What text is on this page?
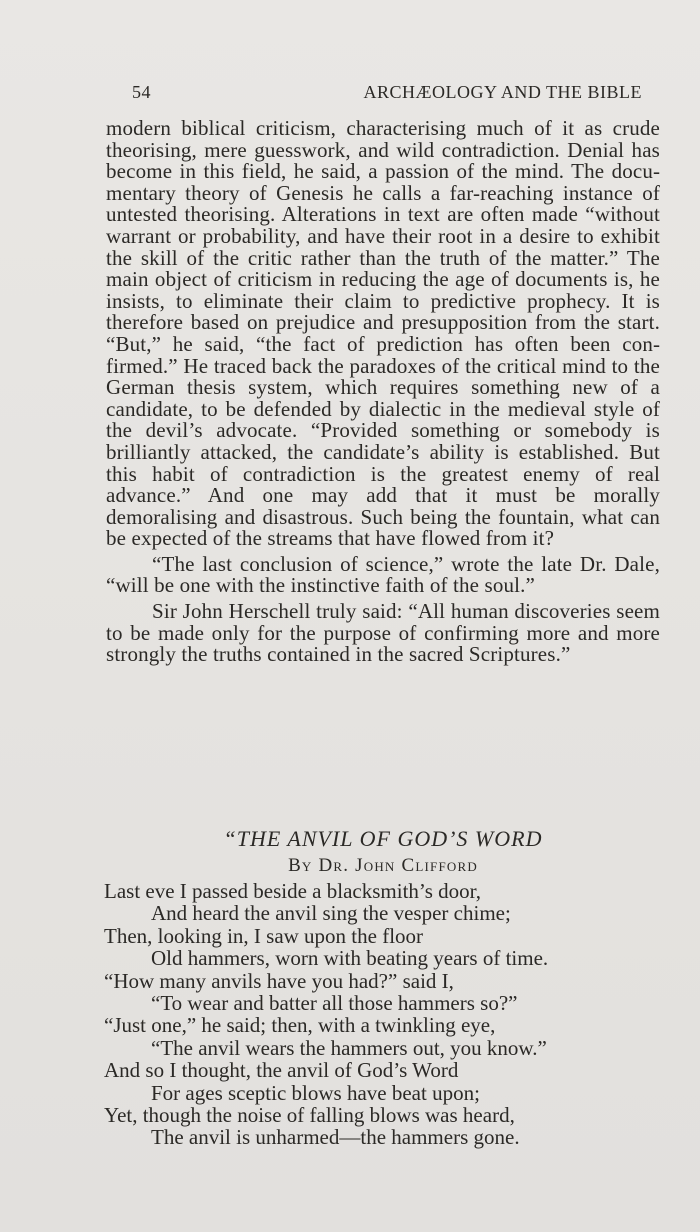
54	ARCHÆOLOGY AND THE BIBLE

modern biblical criticism, characterising much of it as crude theorising, mere guesswork, and wild contradiction. Denial has become in this field, he said, a passion of the mind. The documentary theory of Genesis he calls a far-reaching instance of untested theorising. Alterations in text are often made “without warrant or probability, and have their root in a desire to exhibit the skill of the critic rather than the truth of the matter.” The main object of criticism in reducing the age of documents is, he insists, to eliminate their claim to predictive prophecy. It is therefore based on prejudice and presupposition from the start. “But,” he said, “the fact of prediction has often been confirmed.” He traced back the paradoxes of the critical mind to the German thesis system, which requires something new of a candidate, to be defended by dialectic in the medieval style of the devil’s advocate. “Provided something or somebody is brilliantly attacked, the candidate’s ability is established. But this habit of contradiction is the greatest enemy of real advance.” And one may add that it must be morally demoralising and disastrous. Such being the fountain, what can be expected of the streams that have flowed from it?

“The last conclusion of science,” wrote the late Dr. Dale, “will be one with the instinctive faith of the soul.”

Sir John Herschell truly said: “All human discoveries seem to be made only for the purpose of confirming more and more strongly the truths contained in the sacred Scriptures.”

“THE ANVIL OF GOD’S WORD

By Dr. John Clifford

Last eve I passed beside a blacksmith’s door,
And heard the anvil sing the vesper chime;
Then, looking in, I saw upon the floor
Old hammers, worn with beating years of time.
“How many anvils have you had?” said I,
“To wear and batter all those hammers so?”
“Just one,” he said; then, with a twinkling eye,
“The anvil wears the hammers out, you know.”
And so I thought, the anvil of God’s Word
For ages sceptic blows have beat upon;
Yet, though the noise of falling blows was heard,
The anvil is unharmed—the hammers gone.
